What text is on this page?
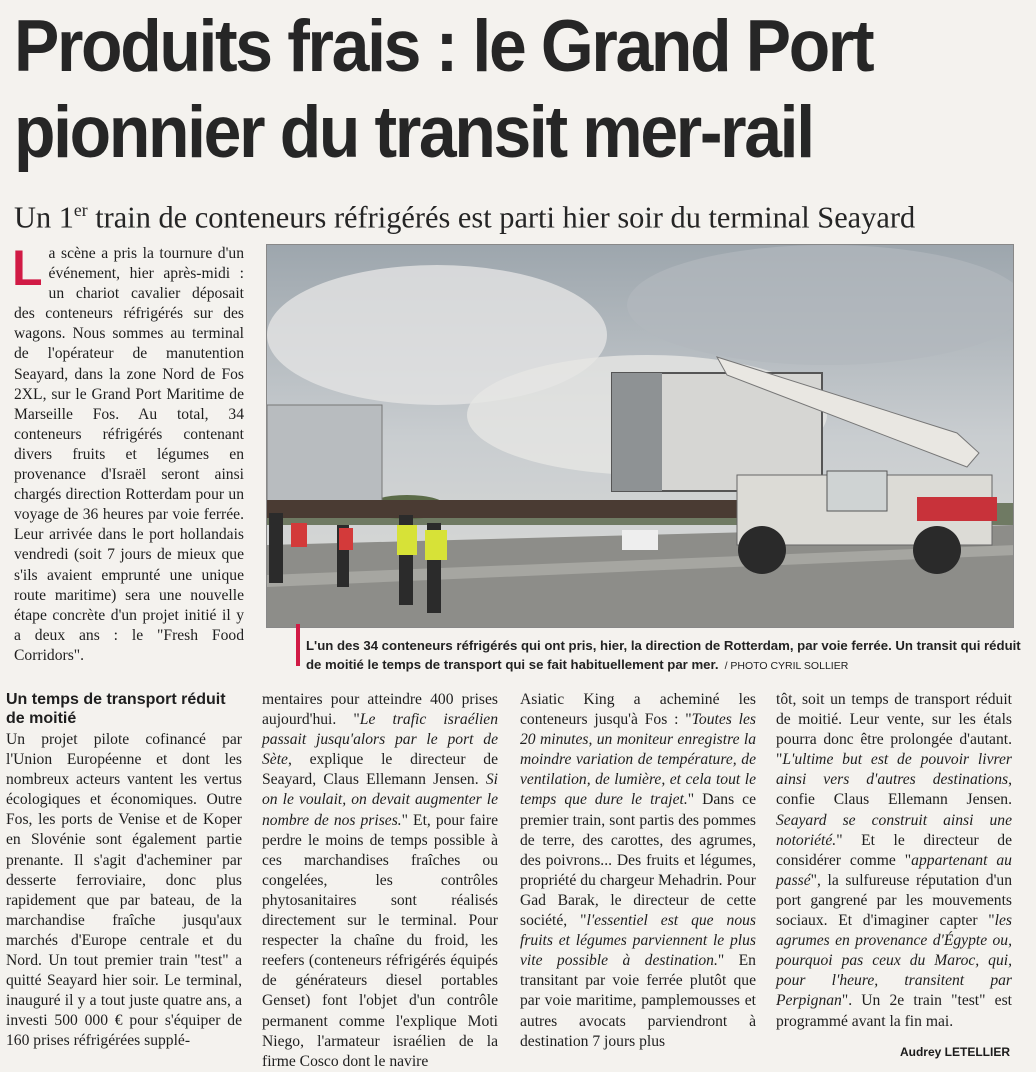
Produits frais : le Grand Port
pionnier du transit mer-rail
Un 1er train de conteneurs réfrigérés est parti hier soir du terminal Seayard

La scène a pris la tournure d'un événement, hier après-midi : un chariot cavalier déposait des conteneurs réfrigérés sur des wagons. Nous sommes au terminal de l'opérateur de manutention Seayard, dans la zone Nord de Fos 2XL, sur le Grand Port Maritime de Marseille Fos. Au total, 34 conteneurs réfrigérés contenant divers fruits et légumes en provenance d'Israël seront ainsi chargés direction Rotterdam pour un voyage de 36 heures par voie ferrée. Leur arrivée dans le port hollandais vendredi (soit 7 jours de mieux que s'ils avaient emprunté une unique route maritime) sera une nouvelle étape concrète d'un projet initié il y a deux ans : le "Fresh Food Corridors".

L'un des 34 conteneurs réfrigérés qui ont pris, hier, la direction de Rotterdam, par voie ferrée. Un transit qui réduit de moitié le temps de transport qui se fait habituellement par mer. / PHOTO CYRIL SOLLIER
Un temps de transport réduit de moitié

Un projet pilote cofinancé par l'Union Européenne et dont les nombreux acteurs vantent les vertus écologiques et économiques. Outre Fos, les ports de Venise et de Koper en Slovénie sont également partie prenante. Il s'agit d'acheminer par desserte ferroviaire, donc plus rapidement que par bateau, de la marchandise fraîche jusqu'aux marchés d'Europe centrale et du Nord. Un tout premier train "test" a quitté Seayard hier soir. Le terminal, inauguré il y a tout juste quatre ans, a investi 500 000 € pour s'équiper de 160 prises réfrigérées supplé-

mentaires pour atteindre 400 prises aujourd'hui. "Le trafic israélien passait jusqu'alors par le port de Sète, explique le directeur de Seayard, Claus Ellemann Jensen. Si on le voulait, on devait augmenter le nombre de nos prises." Et, pour faire perdre le moins de temps possible à ces marchandises fraîches ou congelées, les contrôles phytosanitaires sont réalisés directement sur le terminal. Pour respecter la chaîne du froid, les reefers (conteneurs réfrigérés équipés de générateurs diesel portables Genset) font l'objet d'un contrôle permanent comme l'explique Moti Niego, l'armateur israélien de la firme Cosco dont le navire

Asiatic King a acheminé les conteneurs jusqu'à Fos : "Toutes les 20 minutes, un moniteur enregistre la moindre variation de température, de ventilation, de lumière, et cela tout le temps que dure le trajet." Dans ce premier train, sont partis des pommes de terre, des carottes, des agrumes, des poivrons... Des fruits et légumes, propriété du chargeur Mehadrin. Pour Gad Barak, le directeur de cette société, "l'essentiel est que nous fruits et légumes parviennent le plus vite possible à destination." En transitant par voie ferrée plutôt que par voie maritime, pamplemousses et autres avocats parviendront à destination 7 jours plus

tôt, soit un temps de transport réduit de moitié. Leur vente, sur les étals pourra donc être prolongée d'autant. "L'ultime but est de pouvoir livrer ainsi vers d'autres destinations, confie Claus Ellemann Jensen. Seayard se construit ainsi une notoriété." Et le directeur de considérer comme "appartenant au passé", la sulfureuse réputation d'un port gangrené par les mouvements sociaux. Et d'imaginer capter "les agrumes en provenance d'Égypte ou, pourquoi pas ceux du Maroc, qui, pour l'heure, transitent par Perpignan". Un 2e train "test" est programmé avant la fin mai.

Audrey LETELLIER
